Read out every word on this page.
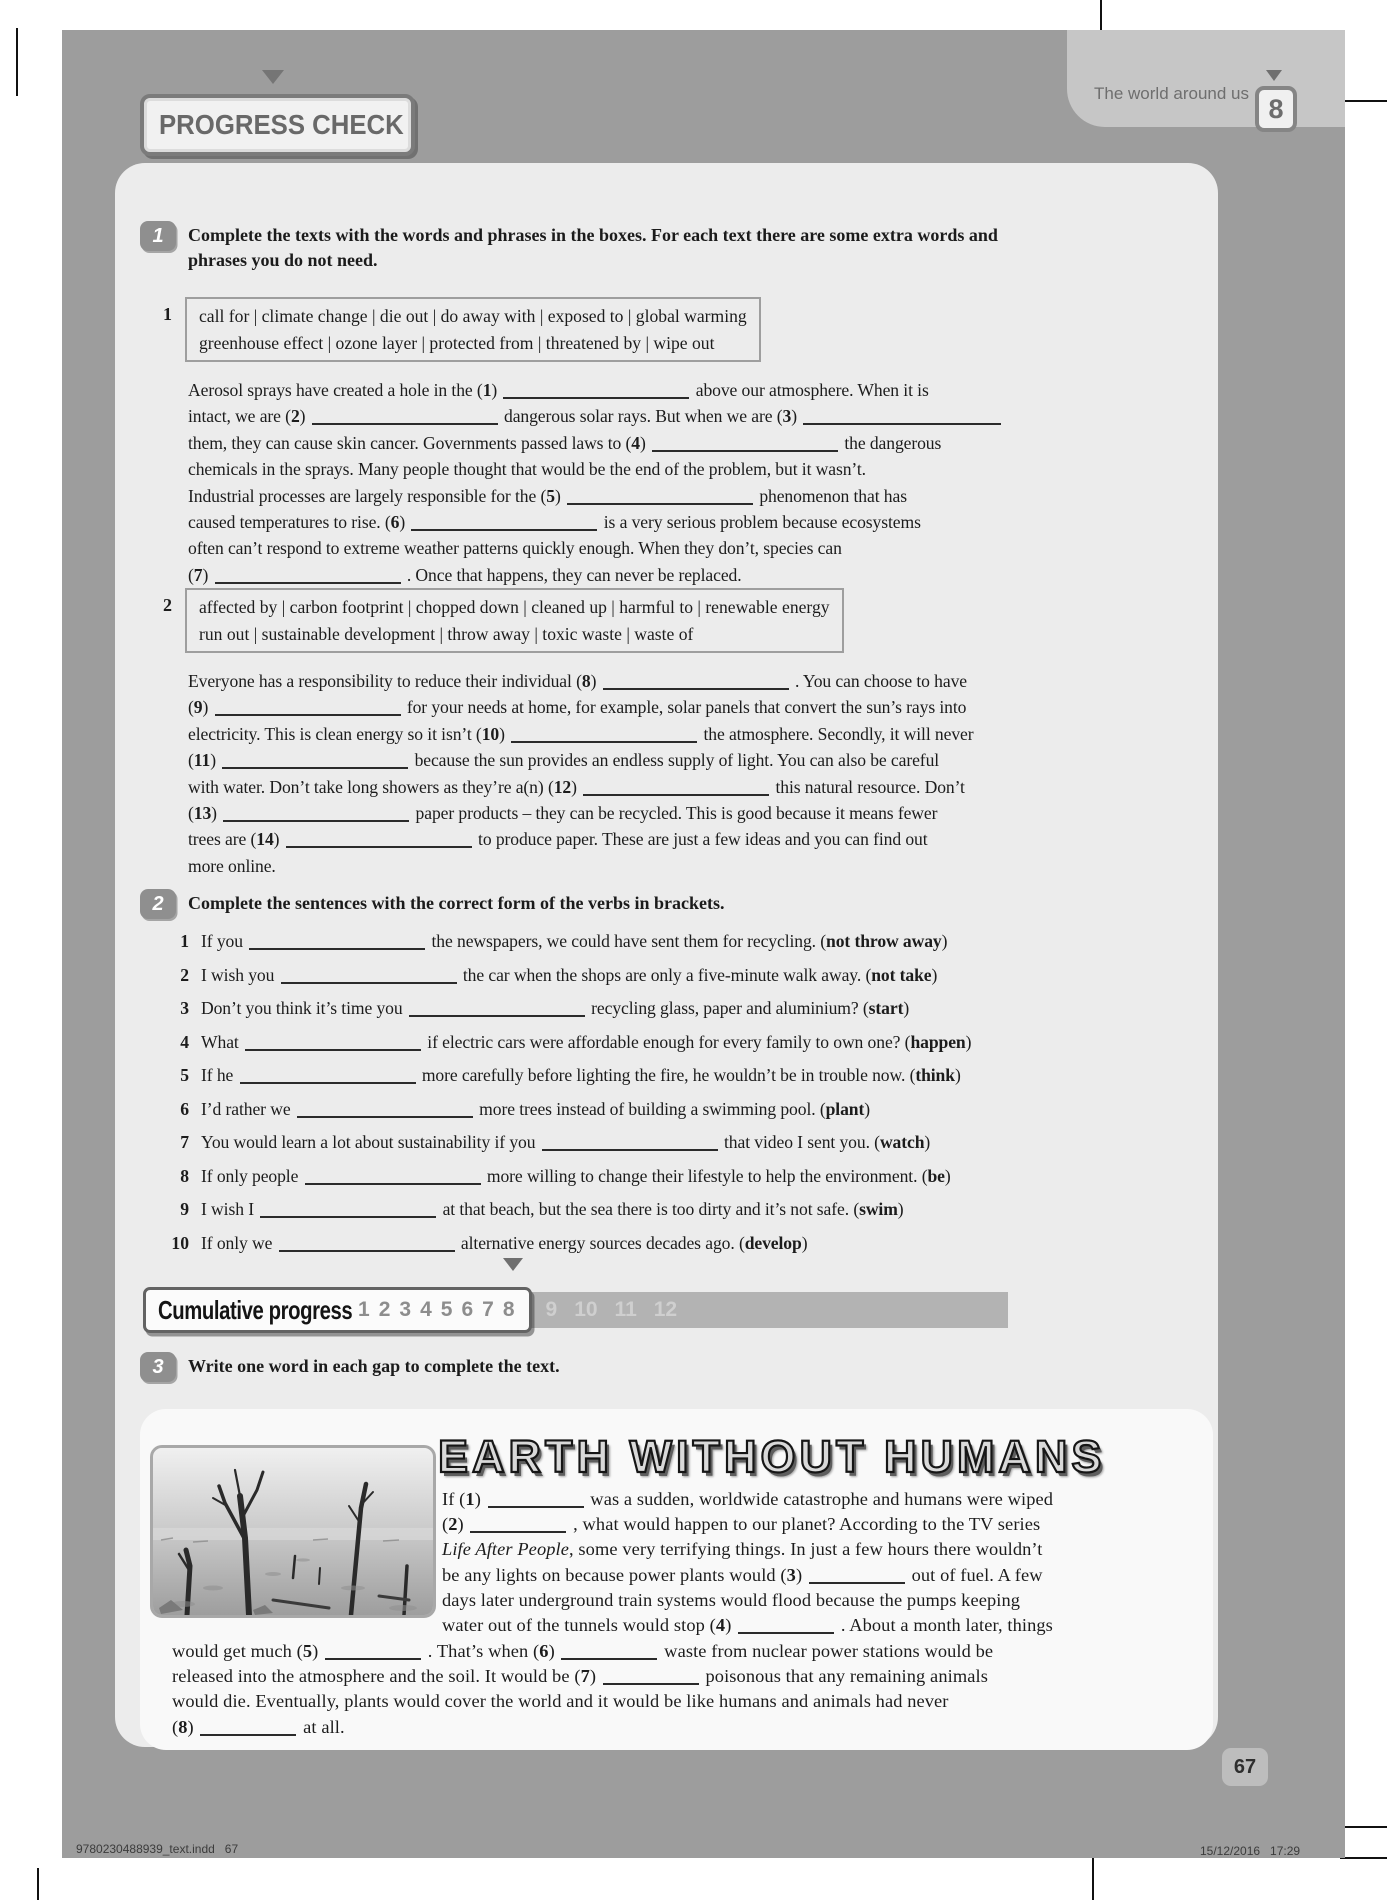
The world around us 8
PROGRESS CHECK
1	Complete the texts with the words and phrases in the boxes. For each text there are some extra words and phrases you do not need.
1 call for | climate change | die out | do away with | exposed to | global warming
greenhouse effect | ozone layer | protected from | threatened by | wipe out
Aerosol sprays have created a hole in the (1)	above our atmosphere. When it is
intact, we are (2)	dangerous solar rays. But when we are (3)
them, they can cause skin cancer. Governments passed laws to (4)	the dangerous
chemicals in the sprays. Many people thought that would be the end of the problem, but it wasn’t.
Industrial processes are largely responsible for the (5)	phenomenon that has
caused temperatures to rise. (6)	is a very serious problem because ecosystems
often can’t respond to extreme weather patterns quickly enough. When they don’t, species can
(7)	. Once that happens, they can never be replaced.
2 affected by | carbon footprint | chopped down | cleaned up | harmful to | renewable energy
run out | sustainable development | throw away | toxic waste | waste of
Everyone has a responsibility to reduce their individual (8)	. You can choose to have
(9)	for your needs at home, for example, solar panels that convert the sun’s rays into
electricity. This is clean energy so it isn’t (10)	the atmosphere. Secondly, it will never
(11)	because the sun provides an endless supply of light. You can also be careful
with water. Don’t take long showers as they’re a(n) (12)	this natural resource. Don’t
(13)	paper products – they can be recycled. This is good because it means fewer
trees are (14)	to produce paper. These are just a few ideas and you can find out
more online.
2	Complete the sentences with the correct form of the verbs in brackets.
1 If you	the newspapers, we could have sent them for recycling. (not throw away)
2 I wish you	the car when the shops are only a five-minute walk away. (not take)
3 Don’t you think it’s time you	recycling glass, paper and aluminium? (start)
4 What	if electric cars were affordable enough for every family to own one? (happen)
5 If he	more carefully before lighting the fire, he wouldn’t be in trouble now. (think)
6 I’d rather we	more trees instead of building a swimming pool. (plant)
7 You would learn a lot about sustainability if you	that video I sent you. (watch)
8 If only people	more willing to change their lifestyle to help the environment. (be)
9 I wish I	at that beach, but the sea there is too dirty and it’s not safe. (swim)
10 If only we	alternative energy sources decades ago. (develop)
Cumulative progress 1 2 3 4 5 6 7 8 9 10 11 12
3	Write one word in each gap to complete the text.
EARTH WITHOUT HUMANS
If (1)	was a sudden, worldwide catastrophe and humans were wiped
(2)	, what would happen to our planet? According to the TV series
Life After People, some very terrifying things. In just a few hours there wouldn’t
be any lights on because power plants would (3)	out of fuel. A few
days later underground train systems would flood because the pumps keeping
water out of the tunnels would stop (4)	. About a month later, things
would get much (5)	. That’s when (6)	waste from nuclear power stations would be
released into the atmosphere and the soil. It would be (7)	poisonous that any remaining animals
would die. Eventually, plants would cover the world and it would be like humans and animals had never
(8)	at all.
67
9780230488939_text.indd   67	15/12/2016   17:29
